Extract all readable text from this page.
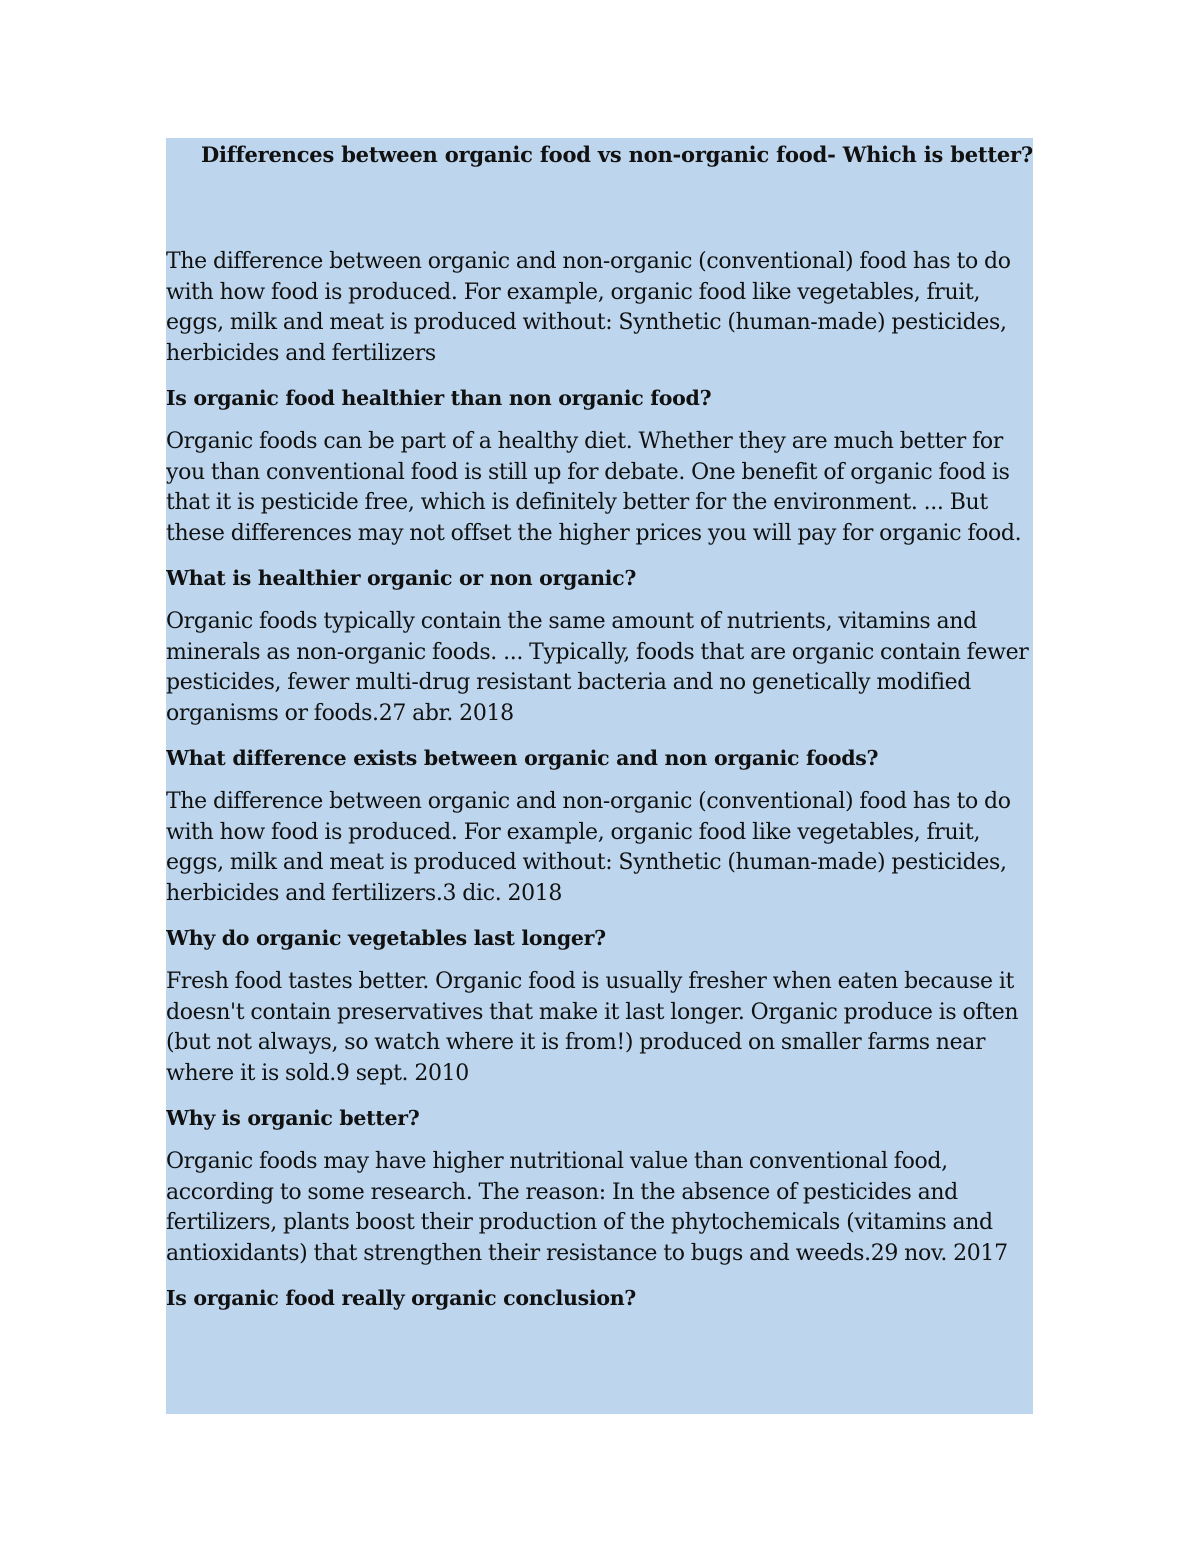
Differences between organic food vs non-organic food- Which is better?

The difference between organic and non-organic (conventional) food has to do with how food is produced. For example, organic food like vegetables, fruit, eggs, milk and meat is produced without: Synthetic (human-made) pesticides, herbicides and fertilizers

Is organic food healthier than non organic food?

Organic foods can be part of a healthy diet. Whether they are much better for you than conventional food is still up for debate. One benefit of organic food is that it is pesticide free, which is definitely better for the environment. ... But these differences may not offset the higher prices you will pay for organic food.

What is healthier organic or non organic?

Organic foods typically contain the same amount of nutrients, vitamins and minerals as non-organic foods. ... Typically, foods that are organic contain fewer pesticides, fewer multi-drug resistant bacteria and no genetically modified organisms or foods.27 abr. 2018

What difference exists between organic and non organic foods?

The difference between organic and non-organic (conventional) food has to do with how food is produced. For example, organic food like vegetables, fruit, eggs, milk and meat is produced without: Synthetic (human-made) pesticides, herbicides and fertilizers.3 dic. 2018

Why do organic vegetables last longer?

Fresh food tastes better. Organic food is usually fresher when eaten because it doesn't contain preservatives that make it last longer. Organic produce is often (but not always, so watch where it is from!) produced on smaller farms near where it is sold.9 sept. 2010

Why is organic better?

Organic foods may have higher nutritional value than conventional food, according to some research. The reason: In the absence of pesticides and fertilizers, plants boost their production of the phytochemicals (vitamins and antioxidants) that strengthen their resistance to bugs and weeds.29 nov. 2017

Is organic food really organic conclusion?
